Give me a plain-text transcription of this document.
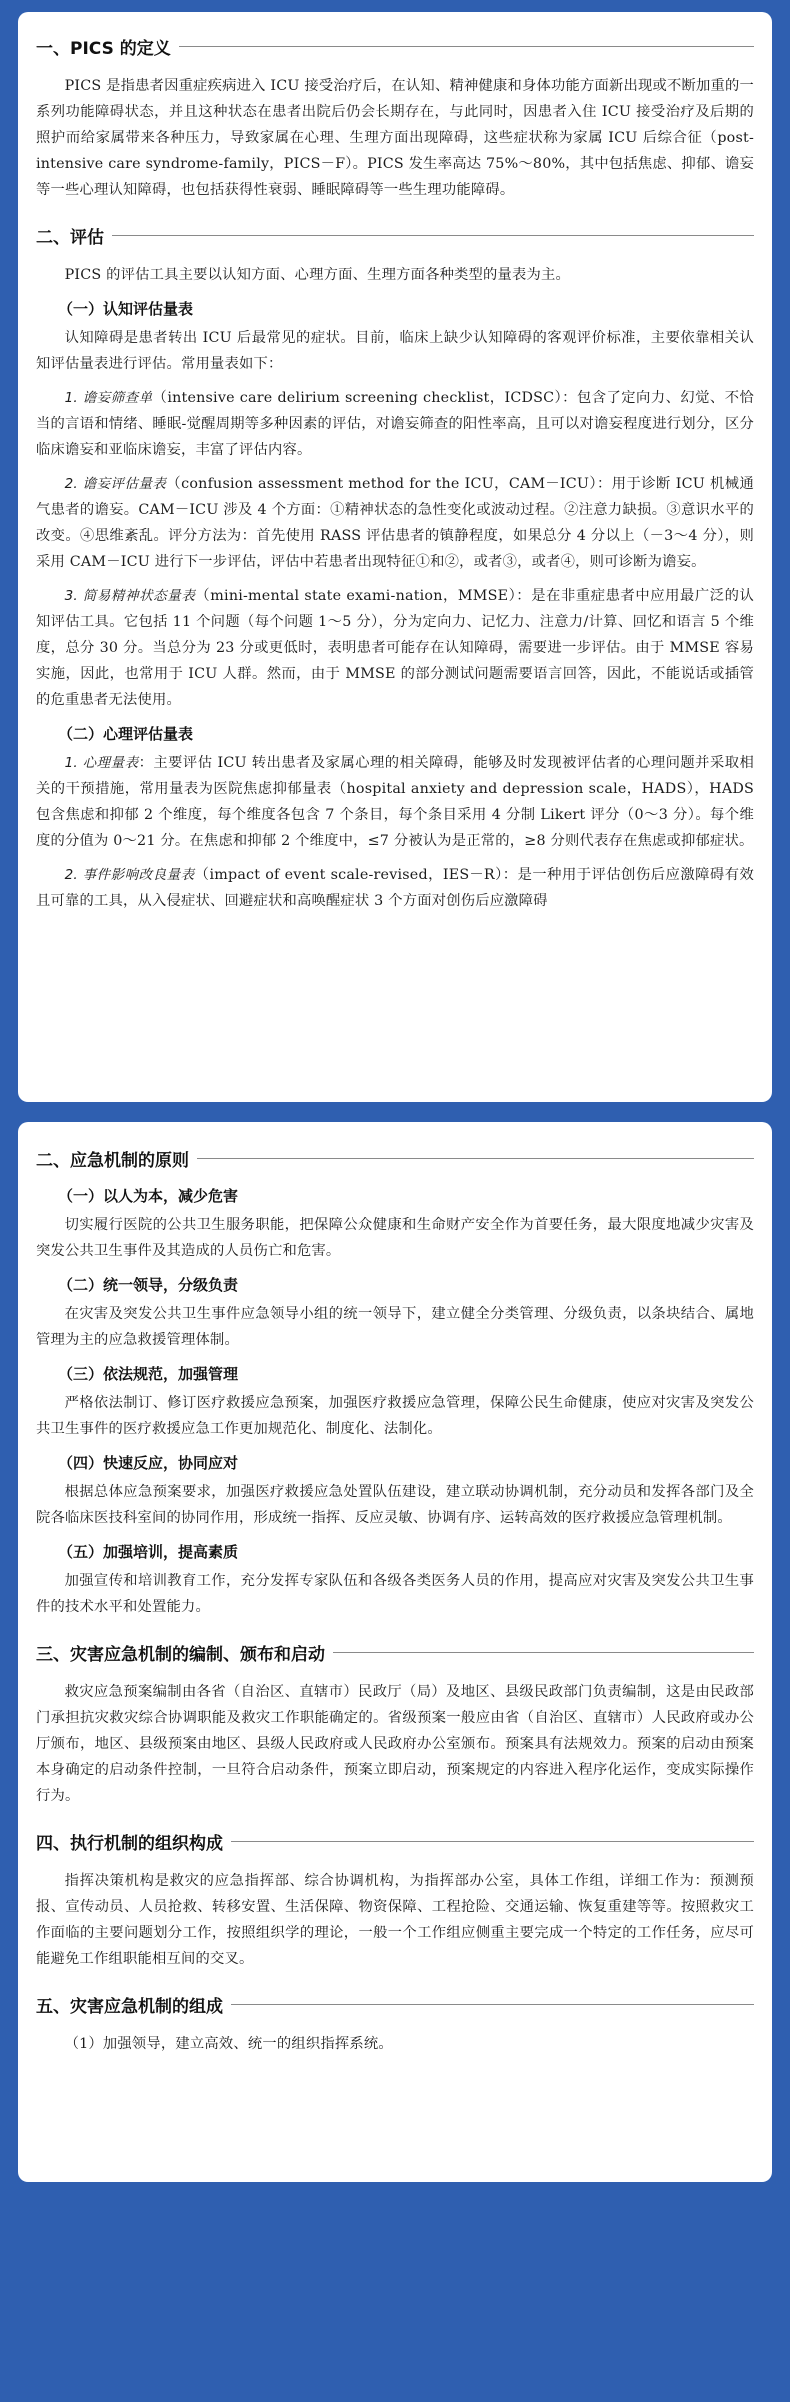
一、PICS 的定义

PICS 是指患者因重症疾病进入 ICU 接受治疗后，在认知、精神健康和身体功能方面新出现或不断加重的一系列功能障碍状态，并且这种状态在患者出院后仍会长期存在，与此同时，因患者入住 ICU 接受治疗及后期的照护而给家属带来各种压力，导致家属在心理、生理方面出现障碍，这些症状称为家属 ICU 后综合征（post-intensive care syndrome-family，PICS－F）。PICS 发生率高达 75%～80%，其中包括焦虑、抑郁、谵妄等一些心理认知障碍，也包括获得性衰弱、睡眠障碍等一些生理功能障碍。

二、评估

PICS 的评估工具主要以认知方面、心理方面、生理方面各种类型的量表为主。

（一）认知评估量表

认知障碍是患者转出 ICU 后最常见的症状。目前，临床上缺少认知障碍的客观评价标准，主要依靠相关认知评估量表进行评估。常用量表如下：

1. 谵妄筛查单（intensive care delirium screening checklist，ICDSC）：包含了定向力、幻觉、不恰当的言语和情绪、睡眠-觉醒周期等多种因素的评估，对谵妄筛查的阳性率高，且可以对谵妄程度进行划分，区分临床谵妄和亚临床谵妄，丰富了评估内容。

2. 谵妄评估量表（confusion assessment method for the ICU，CAM－ICU）：用于诊断 ICU 机械通气患者的谵妄。CAM－ICU 涉及 4 个方面：①精神状态的急性变化或波动过程。②注意力缺损。③意识水平的改变。④思维紊乱。评分方法为：首先使用 RASS 评估患者的镇静程度，如果总分 4 分以上（－3～4 分），则采用 CAM－ICU 进行下一步评估，评估中若患者出现特征①和②，或者③，或者④，则可诊断为谵妄。

3. 简易精神状态量表（mini-mental state exami-nation，MMSE）：是在非重症患者中应用最广泛的认知评估工具。它包括 11 个问题（每个问题 1～5 分），分为定向力、记忆力、注意力/计算、回忆和语言 5 个维度，总分 30 分。当总分为 23 分或更低时，表明患者可能存在认知障碍，需要进一步评估。由于 MMSE 容易实施，因此，也常用于 ICU 人群。然而，由于 MMSE 的部分测试问题需要语言回答，因此，不能说话或插管的危重患者无法使用。

（二）心理评估量表

1. 心理量表：主要评估 ICU 转出患者及家属心理的相关障碍，能够及时发现被评估者的心理问题并采取相关的干预措施，常用量表为医院焦虑抑郁量表（hospital anxiety and depression scale，HADS），HADS 包含焦虑和抑郁 2 个维度，每个维度各包含 7 个条目，每个条目采用 4 分制 Likert 评分（0～3 分）。每个维度的分值为 0～21 分。在焦虑和抑郁 2 个维度中，≤7 分被认为是正常的，≥8 分则代表存在焦虑或抑郁症状。

2. 事件影响改良量表（impact of event scale-revised，IES－R）：是一种用于评估创伤后应激障碍有效且可靠的工具，从入侵症状、回避症状和高唤醒症状 3 个方面对创伤后应激障碍

二、应急机制的原则
（一）以人为本，减少危害

切实履行医院的公共卫生服务职能，把保障公众健康和生命财产安全作为首要任务，最大限度地减少灾害及突发公共卫生事件及其造成的人员伤亡和危害。

（二）统一领导，分级负责

在灾害及突发公共卫生事件应急领导小组的统一领导下，建立健全分类管理、分级负责，以条块结合、属地管理为主的应急救援管理体制。

（三）依法规范，加强管理

严格依法制订、修订医疗救援应急预案，加强医疗救援应急管理，保障公民生命健康，使应对灾害及突发公共卫生事件的医疗救援应急工作更加规范化、制度化、法制化。

（四）快速反应，协同应对

根据总体应急预案要求，加强医疗救援应急处置队伍建设，建立联动协调机制，充分动员和发挥各部门及全院各临床医技科室间的协同作用，形成统一指挥、反应灵敏、协调有序、运转高效的医疗救援应急管理机制。

（五）加强培训，提高素质

加强宣传和培训教育工作，充分发挥专家队伍和各级各类医务人员的作用，提高应对灾害及突发公共卫生事件的技术水平和处置能力。

三、灾害应急机制的编制、颁布和启动

救灾应急预案编制由各省（自治区、直辖市）民政厅（局）及地区、县级民政部门负责编制，这是由民政部门承担抗灾救灾综合协调职能及救灾工作职能确定的。省级预案一般应由省（自治区、直辖市）人民政府或办公厅颁布，地区、县级预案由地区、县级人民政府或人民政府办公室颁布。预案具有法规效力。预案的启动由预案本身确定的启动条件控制，一旦符合启动条件，预案立即启动，预案规定的内容进入程序化运作，变成实际操作行为。

四、执行机制的组织构成

指挥决策机构是救灾的应急指挥部、综合协调机构，为指挥部办公室，具体工作组，详细工作为：预测预报、宣传动员、人员抢救、转移安置、生活保障、物资保障、工程抢险、交通运输、恢复重建等等。按照救灾工作面临的主要问题划分工作，按照组织学的理论，一般一个工作组应侧重主要完成一个特定的工作任务，应尽可能避免工作组职能相互间的交叉。

五、灾害应急机制的组成

（1）加强领导，建立高效、统一的组织指挥系统。
